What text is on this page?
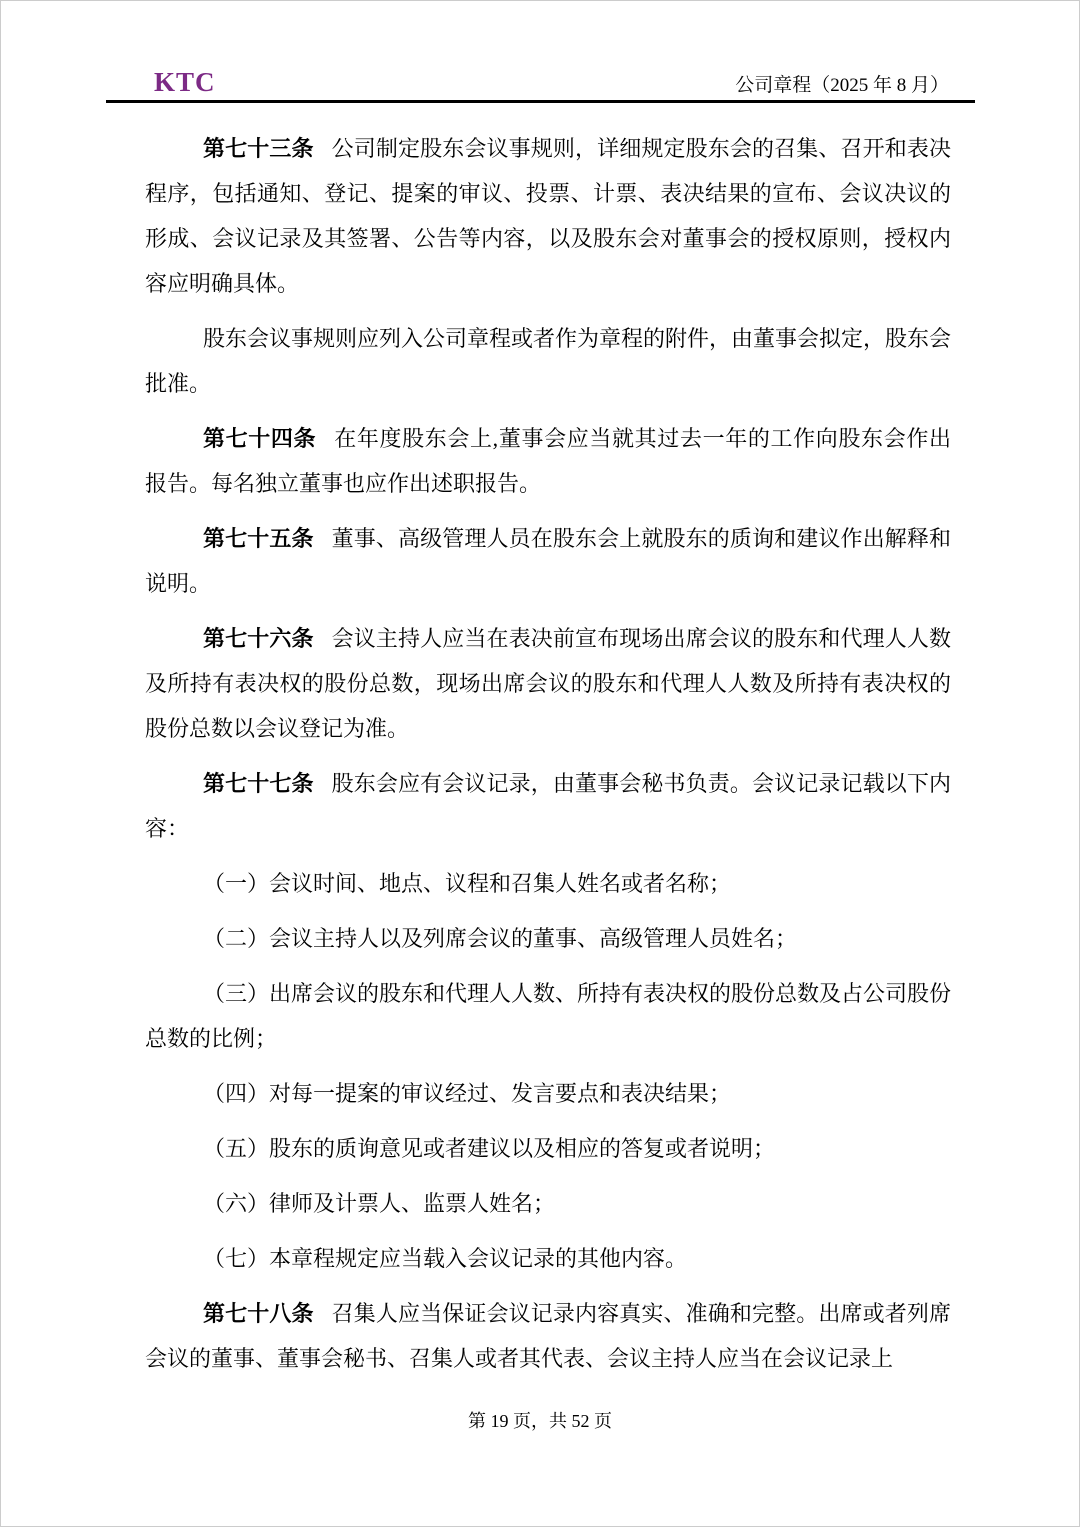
KTC	公司章程（2025 年 8 月）

第七十三条 公司制定股东会议事规则，详细规定股东会的召集、召开和表决程序，包括通知、登记、提案的审议、投票、计票、表决结果的宣布、会议决议的形成、会议记录及其签署、公告等内容，以及股东会对董事会的授权原则，授权内容应明确具体。

股东会议事规则应列入公司章程或者作为章程的附件，由董事会拟定，股东会批准。

第七十四条 在年度股东会上,董事会应当就其过去一年的工作向股东会作出报告。每名独立董事也应作出述职报告。

第七十五条 董事、高级管理人员在股东会上就股东的质询和建议作出解释和说明。

第七十六条 会议主持人应当在表决前宣布现场出席会议的股东和代理人人数及所持有表决权的股份总数，现场出席会议的股东和代理人人数及所持有表决权的股份总数以会议登记为准。

第七十七条 股东会应有会议记录，由董事会秘书负责。会议记录记载以下内容：

（一）会议时间、地点、议程和召集人姓名或者名称；

（二）会议主持人以及列席会议的董事、高级管理人员姓名；

（三）出席会议的股东和代理人人数、所持有表决权的股份总数及占公司股份总数的比例；

（四）对每一提案的审议经过、发言要点和表决结果；

（五）股东的质询意见或者建议以及相应的答复或者说明；

（六）律师及计票人、监票人姓名；

（七）本章程规定应当载入会议记录的其他内容。

第七十八条 召集人应当保证会议记录内容真实、准确和完整。出席或者列席会议的董事、董事会秘书、召集人或者其代表、会议主持人应当在会议记录上

第 19 页，共 52 页
